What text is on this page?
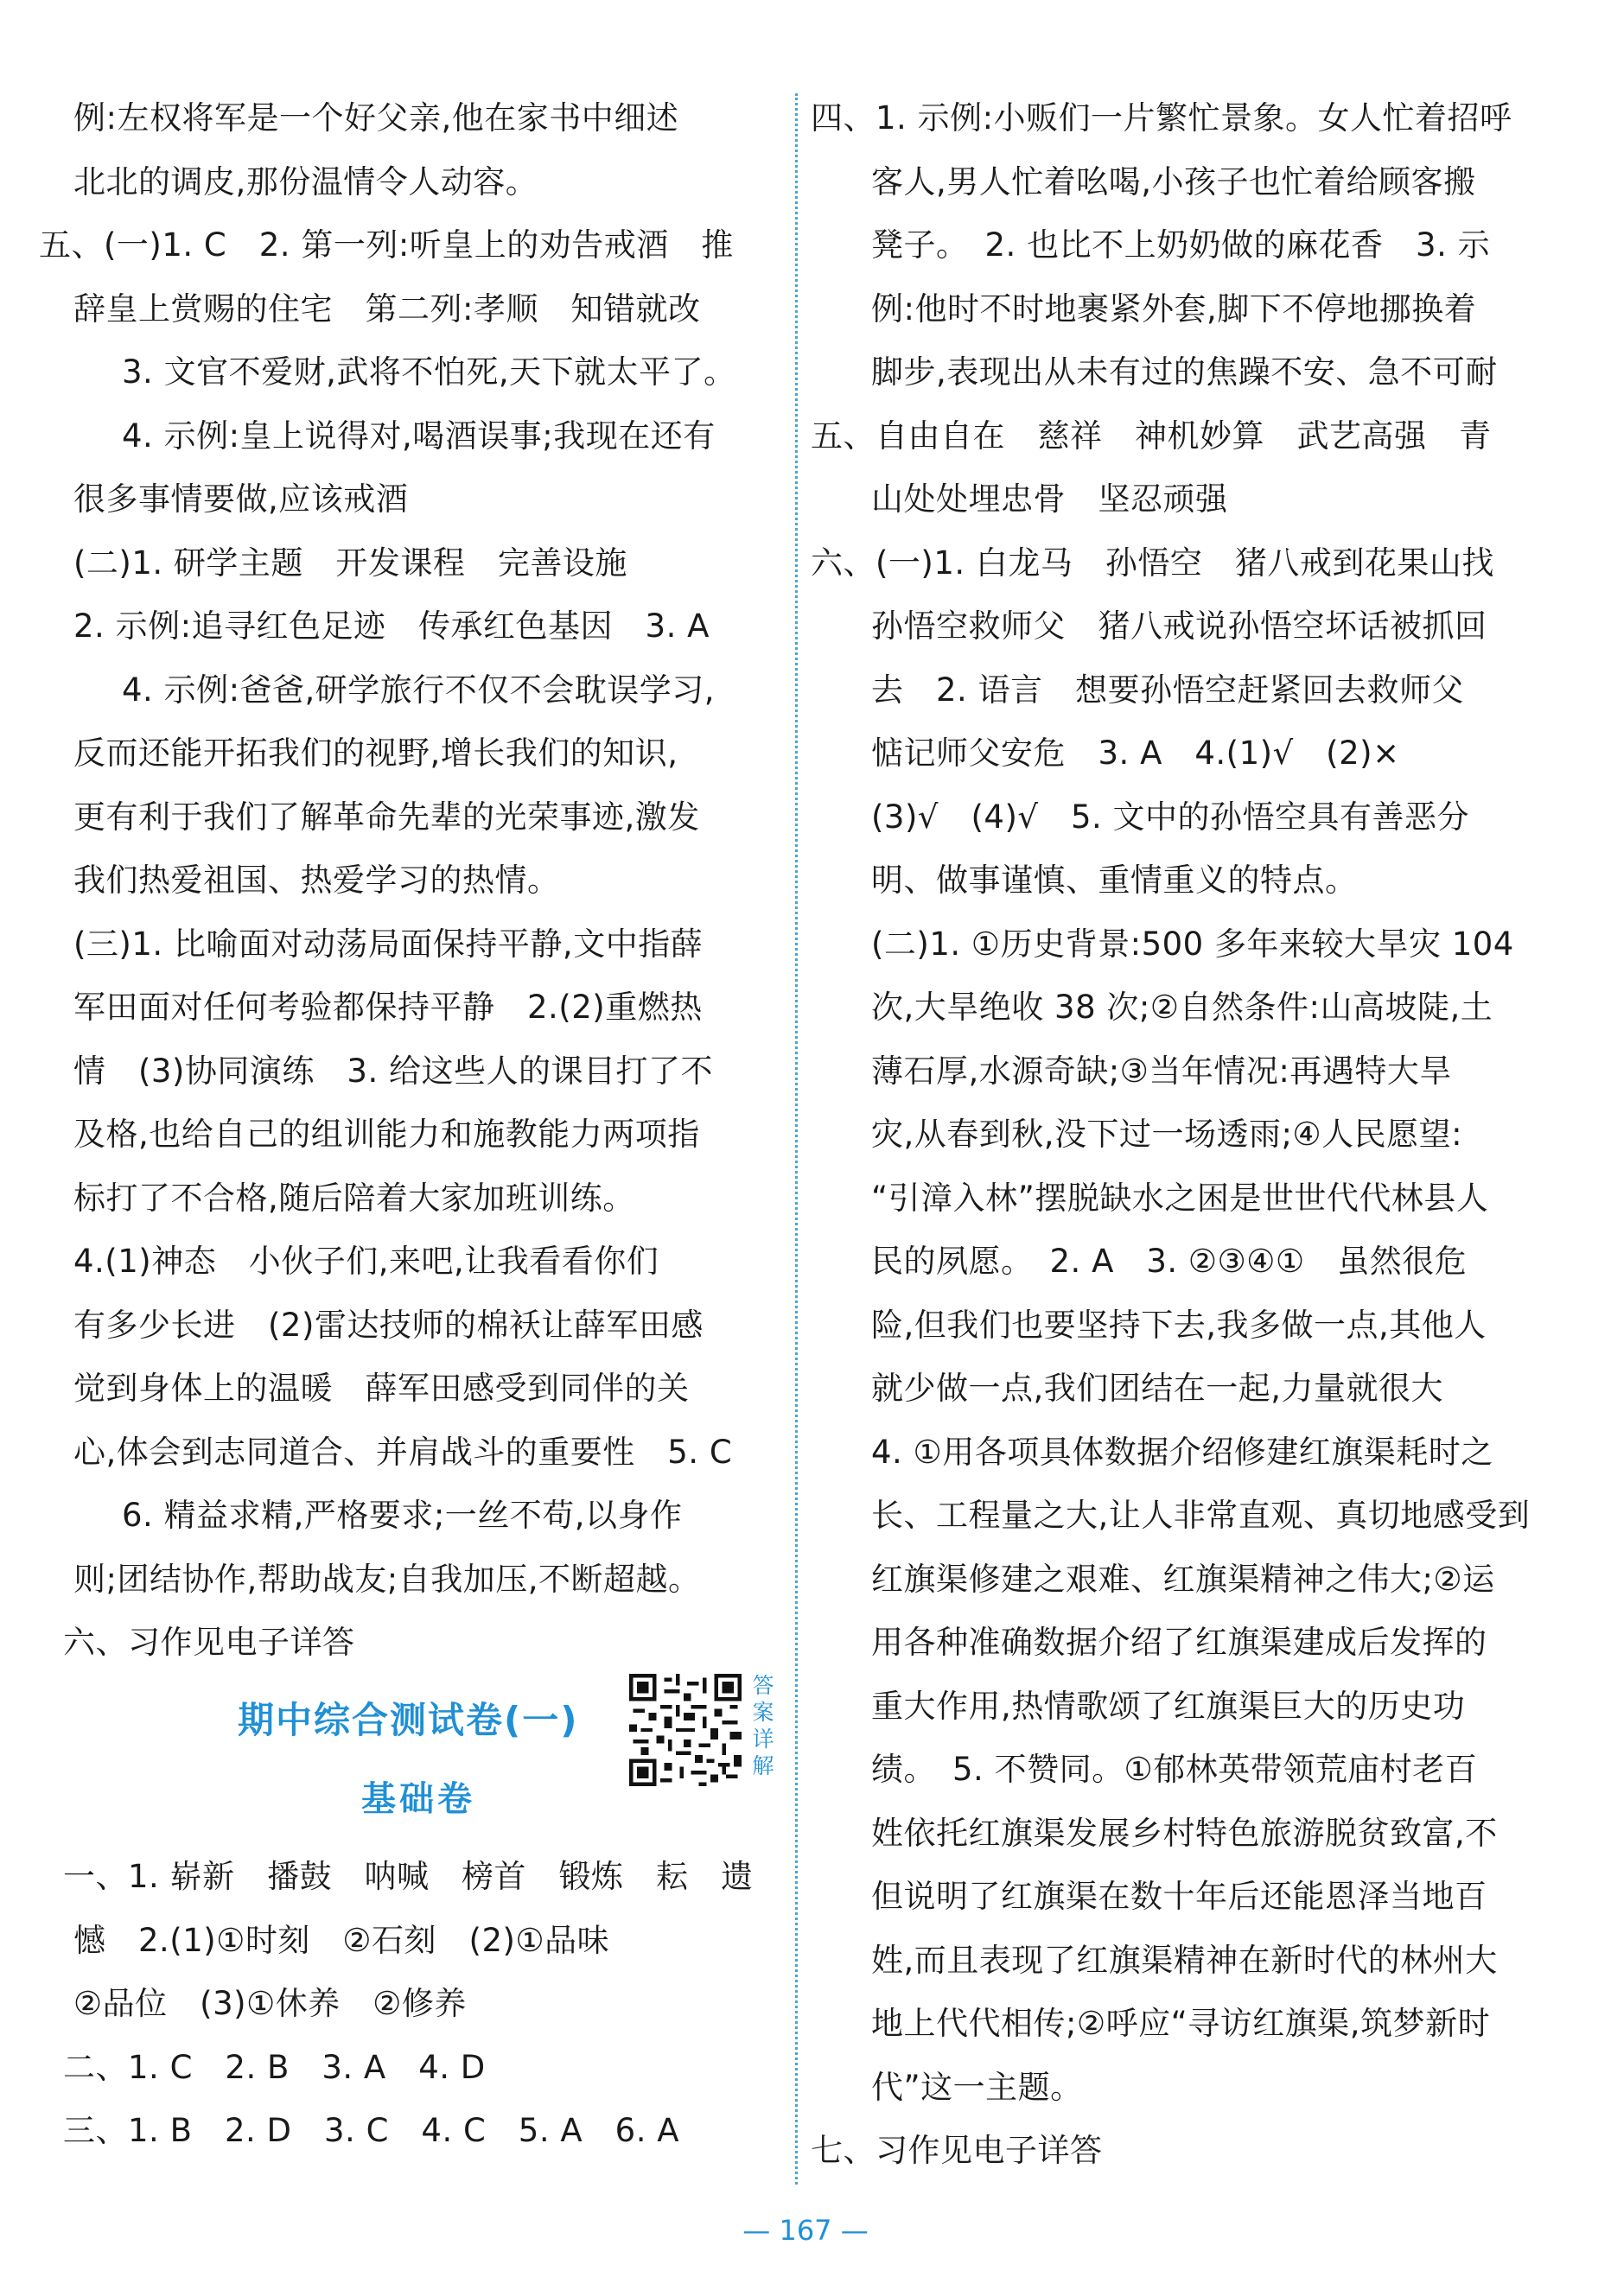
例:左权将军是一个好父亲,他在家书中细述
北北的调皮,那份温情令人动容。
五、(一)1. C　2. 第一列:听皇上的劝告戒酒　推
辞皇上赏赐的住宅　第二列:孝顺　知错就改
3. 文官不爱财,武将不怕死,天下就太平了。
4. 示例:皇上说得对,喝酒误事;我现在还有
很多事情要做,应该戒酒
(二)1. 研学主题　开发课程　完善设施
2. 示例:追寻红色足迹　传承红色基因　3. A
4. 示例:爸爸,研学旅行不仅不会耽误学习,
反而还能开拓我们的视野,增长我们的知识,
更有利于我们了解革命先辈的光荣事迹,激发
我们热爱祖国、热爱学习的热情。
(三)1. 比喻面对动荡局面保持平静,文中指薛
军田面对任何考验都保持平静　2.(2)重燃热
情　(3)协同演练　3. 给这些人的课目打了不
及格,也给自己的组训能力和施教能力两项指
标打了不合格,随后陪着大家加班训练。
4.(1)神态　小伙子们,来吧,让我看看你们
有多少长进　(2)雷达技师的棉袄让薛军田感
觉到身体上的温暖　薛军田感受到同伴的关
心,体会到志同道合、并肩战斗的重要性　5. C
6. 精益求精,严格要求;一丝不苟,以身作
则;团结协作,帮助战友;自我加压,不断超越。
六、习作见电子详答
期中综合测试卷(一)
基础卷
答案详解
一、1. 崭新　播鼓　呐喊　榜首　锻炼　耘　遗
憾　2.(1)①时刻　②石刻　(2)①品味
②品位　(3)①休养　②修养
二、1. C　2. B　3. A　4. D
三、1. B　2. D　3. C　4. C　5. A　6. A
四、1. 示例:小贩们一片繁忙景象。女人忙着招呼
客人,男人忙着吆喝,小孩子也忙着给顾客搬
凳子。　2. 也比不上奶奶做的麻花香　3. 示
例:他时不时地裹紧外套,脚下不停地挪换着
脚步,表现出从未有过的焦躁不安、急不可耐
五、自由自在　慈祥　神机妙算　武艺高强　青
山处处埋忠骨　坚忍顽强
六、(一)1. 白龙马　孙悟空　猪八戒到花果山找
孙悟空救师父　猪八戒说孙悟空坏话被抓回
去　2. 语言　想要孙悟空赶紧回去救师父
惦记师父安危　3. A　4.(1)√　(2)×
(3)√　(4)√　5. 文中的孙悟空具有善恶分
明、做事谨慎、重情重义的特点。
(二)1. ①历史背景:500 多年来较大旱灾 104
次,大旱绝收 38 次;②自然条件:山高坡陡,土
薄石厚,水源奇缺;③当年情况:再遇特大旱
灾,从春到秋,没下过一场透雨;④人民愿望:
“引漳入林”摆脱缺水之困是世世代代林县人
民的夙愿。　2. A　3. ②③④①　虽然很危
险,但我们也要坚持下去,我多做一点,其他人
就少做一点,我们团结在一起,力量就很大
4. ①用各项具体数据介绍修建红旗渠耗时之
长、工程量之大,让人非常直观、真切地感受到
红旗渠修建之艰难、红旗渠精神之伟大;②运
用各种准确数据介绍了红旗渠建成后发挥的
重大作用,热情歌颂了红旗渠巨大的历史功
绩。　5. 不赞同。①郁林英带领荒庙村老百
姓依托红旗渠发展乡村特色旅游脱贫致富,不
但说明了红旗渠在数十年后还能恩泽当地百
姓,而且表现了红旗渠精神在新时代的林州大
地上代代相传;②呼应“寻访红旗渠,筑梦新时
代”这一主题。
七、习作见电子详答
— 167 —
